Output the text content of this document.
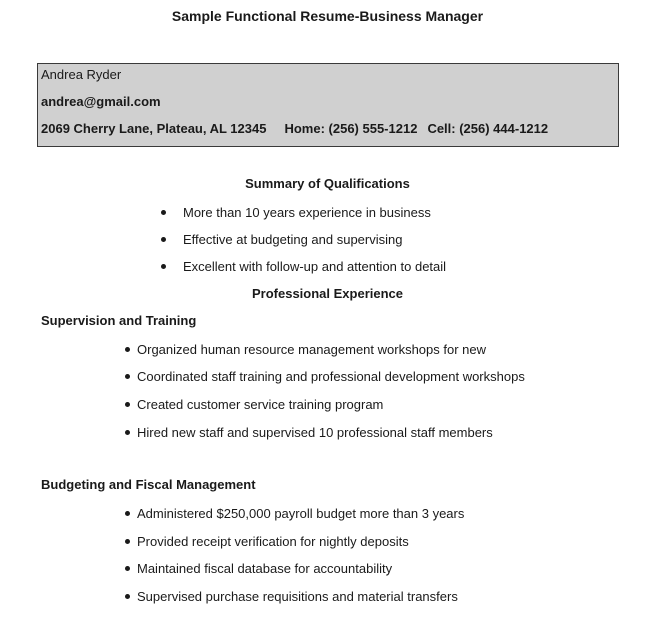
Sample Functional Resume-Business Manager
Andrea Ryder
andrea@gmail.com
2069 Cherry Lane, Plateau, AL 12345 Home: (256) 555-1212 Cell: (256) 444-1212
Summary of Qualifications
More than 10 years experience in business
Effective at budgeting and supervising
Excellent with follow-up and attention to detail
Professional Experience
Supervision and Training
Organized human resource management workshops for new
Coordinated staff training and professional development workshops
Created customer service training program
Hired new staff and supervised 10 professional staff members
Budgeting and Fiscal Management
Administered $250,000 payroll budget more than 3 years
Provided receipt verification for nightly deposits
Maintained fiscal database for accountability
Supervised purchase requisitions and material transfers
